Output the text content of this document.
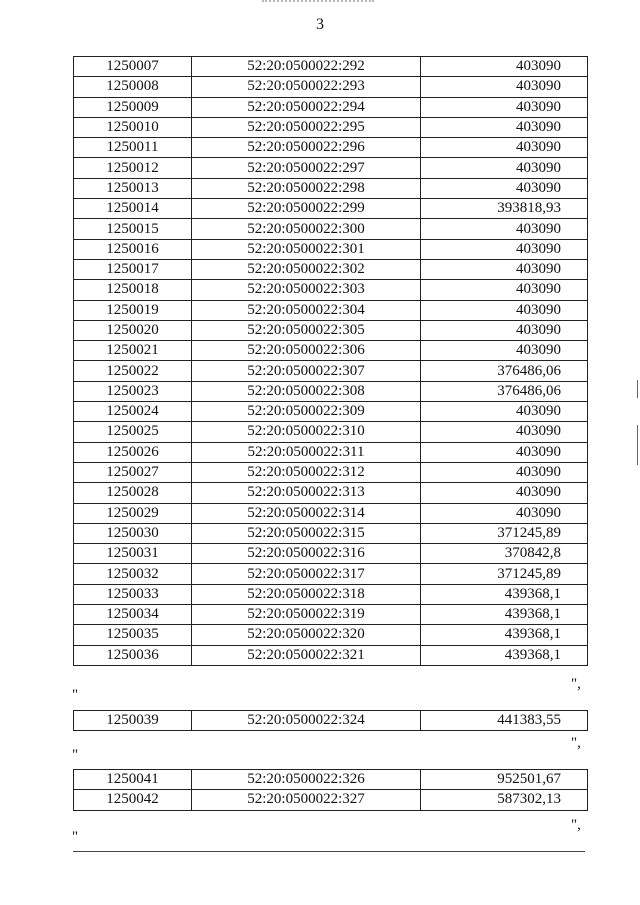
3
1250007	52:20:0500022:292	403090
1250008	52:20:0500022:293	403090
1250009	52:20:0500022:294	403090
1250010	52:20:0500022:295	403090
1250011	52:20:0500022:296	403090
1250012	52:20:0500022:297	403090
1250013	52:20:0500022:298	403090
1250014	52:20:0500022:299	393818,93
1250015	52:20:0500022:300	403090
1250016	52:20:0500022:301	403090
1250017	52:20:0500022:302	403090
1250018	52:20:0500022:303	403090
1250019	52:20:0500022:304	403090
1250020	52:20:0500022:305	403090
1250021	52:20:0500022:306	403090
1250022	52:20:0500022:307	376486,06
1250023	52:20:0500022:308	376486,06
1250024	52:20:0500022:309	403090
1250025	52:20:0500022:310	403090
1250026	52:20:0500022:311	403090
1250027	52:20:0500022:312	403090
1250028	52:20:0500022:313	403090
1250029	52:20:0500022:314	403090
1250030	52:20:0500022:315	371245,89
1250031	52:20:0500022:316	370842,8
1250032	52:20:0500022:317	371245,89
1250033	52:20:0500022:318	439368,1
1250034	52:20:0500022:319	439368,1
1250035	52:20:0500022:320	439368,1
1250036	52:20:0500022:321	439368,1
",
"
1250039	52:20:0500022:324	441383,55
",
"
1250041	52:20:0500022:326	952501,67
1250042	52:20:0500022:327	587302,13
",
"
